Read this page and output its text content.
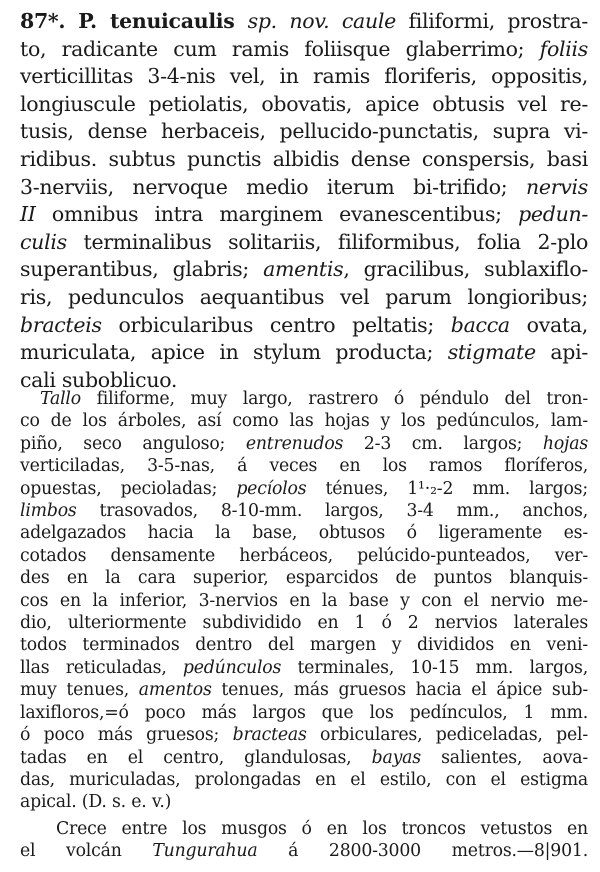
87*. P. tenuicaulis sp. nov. caule filiformi, prostra-
to, radicante cum ramis foliisque glaberrimo; foliis
verticillitas 3-4-nis vel, in ramis floriferis, oppositis,
longiuscule petiolatis, obovatis, apice obtusis vel re-
tusis, dense herbaceis, pellucido-punctatis, supra vi-
ridibus. subtus punctis albidis dense conspersis, basi
3-nerviis, nervoque medio iterum bi-trifido; nervis
II omnibus intra marginem evanescentibus; pedun-
culis terminalibus solitariis, filiformibus, folia 2-plo
superantibus, glabris; amentis, gracilibus, sublaxiflo-
ris, pedunculos aequantibus vel parum longioribus;
bracteis orbicularibus centro peltatis; bacca ovata,
muriculata, apice in stylum producta; stigmate api-
cali suboblicuo.
Tallo filiforme, muy largo, rastrero ó péndulo del tron-
co de los árboles, así como las hojas y los pedúnculos, lam-
piño, seco anguloso; entrenudos 2-3 cm. largos; hojas
verticiladas, 3-5-nas, á veces en los ramos floríferos,
opuestas, pecioladas; pecíolos ténues, 1¹·₂-2 mm. largos;
limbos trasovados, 8-10-mm. largos, 3-4 mm., anchos,
adelgazados hacia la base, obtusos ó ligeramente es-
cotados densamente herbáceos, pelúcido-punteados, ver-
des en la cara superior, esparcidos de puntos blanquis-
cos en la inferior, 3-nervios en la base y con el nervio me-
dio, ulteriormente subdividido en 1 ó 2 nervios laterales
todos terminados dentro del margen y divididos en veni-
llas reticuladas, pedúnculos terminales, 10-15 mm. largos,
muy tenues, amentos tenues, más gruesos hacia el ápice sub-
laxifloros,=ó poco más largos que los pedínculos, 1 mm.
ó poco más gruesos; bracteas orbiculares, pediceladas, pel-
tadas en el centro, glandulosas, bayas salientes, aova-
das, muriculadas, prolongadas en el estilo, con el estigma
apical. (D. s. e. v.)
Crece entre los musgos ó en los troncos vetustos en
el volcán Tungurahua á 2800-3000 metros.—8|901.
